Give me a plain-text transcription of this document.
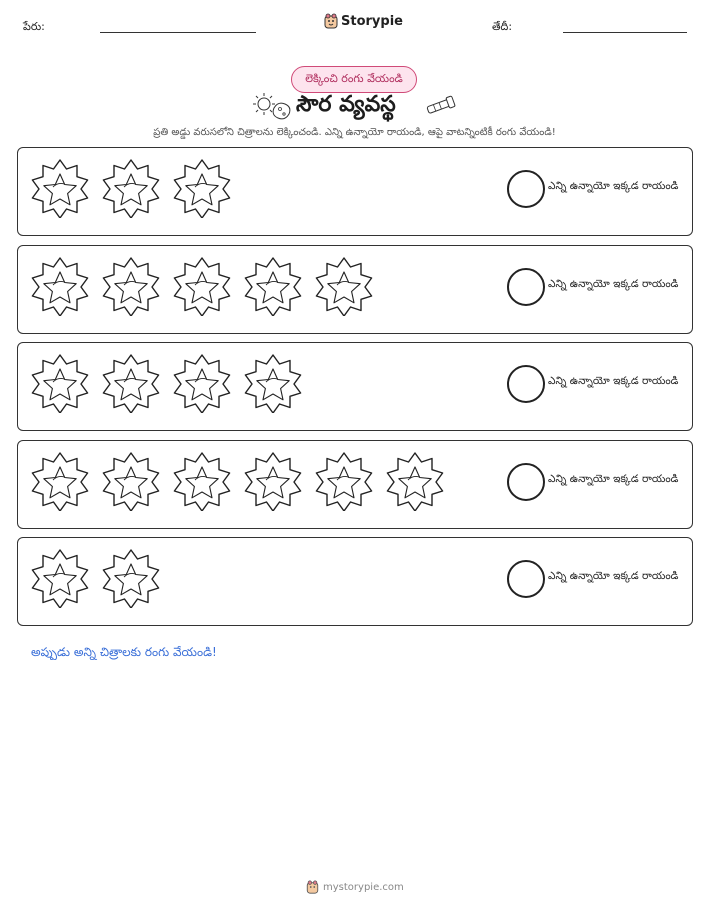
పేరు:	Storypie	తేదీ:
లెక్కించి రంగు వేయండి
సౌర వ్యవస్థ
ప్రతి అడ్డు వరుసలోని చిత్రాలను లెక్కించండి. ఎన్ని ఉన్నాయో రాయండి, ఆపై వాటన్నింటికీ రంగు వేయండి!
ఎన్ని ఉన్నాయో ఇక్కడ రాయండి
ఎన్ని ఉన్నాయో ఇక్కడ రాయండి
ఎన్ని ఉన్నాయో ఇక్కడ రాయండి
ఎన్ని ఉన్నాయో ఇక్కడ రాయండి
ఎన్ని ఉన్నాయో ఇక్కడ రాయండి
అప్పుడు అన్ని చిత్రాలకు రంగు వేయండి!
mystorypie.com
